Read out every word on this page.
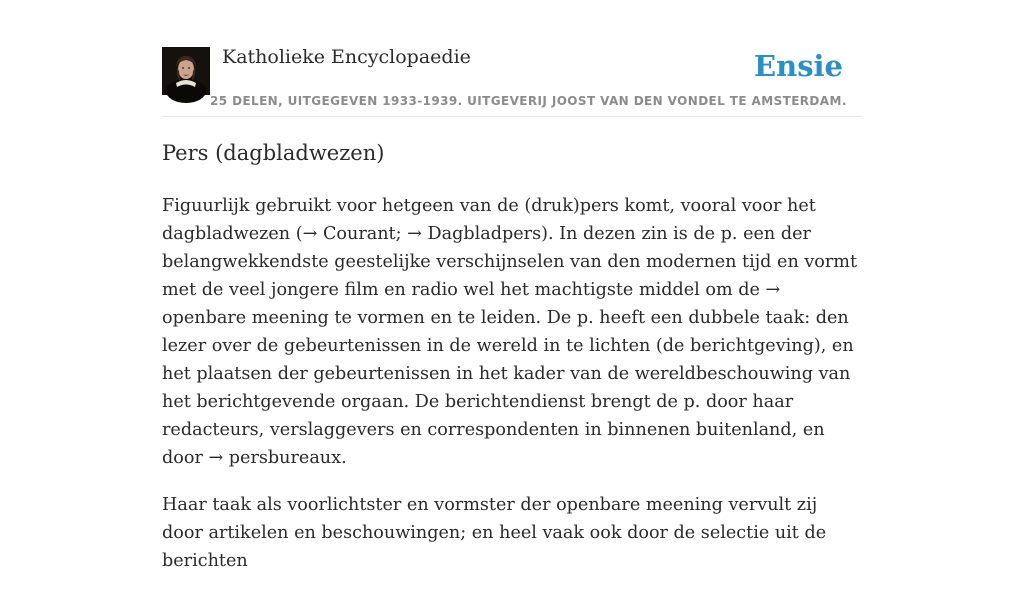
Katholieke Encyclopaedie
25 DELEN, UITGEGEVEN 1933-1939. UITGEVERIJ JOOST VAN DEN VONDEL TE AMSTERDAM.
Ensie
Pers (dagbladwezen)

Figuurlijk gebruikt voor hetgeen van de (druk)pers komt, vooral voor het dagbladwezen (→ Courant; → Dagbladpers). In dezen zin is de p. een der belangwekkendste geestelijke verschijnselen van den modernen tijd en vormt met de veel jongere film en radio wel het machtigste middel om de → openbare meening te vormen en te leiden. De p. heeft een dubbele taak: den lezer over de gebeurtenissen in de wereld in te lichten (de berichtgeving), en het plaatsen der gebeurtenissen in het kader van de wereldbeschouwing van het berichtgevende orgaan. De berichtendienst brengt de p. door haar redacteurs, verslaggevers en correspondenten in binnenen buitenland, en door → persbureaux.

Haar taak als voorlichtster en vormster der openbare meening vervult zij door artikelen en beschouwingen; en heel vaak ook door de selectie uit de berichten
